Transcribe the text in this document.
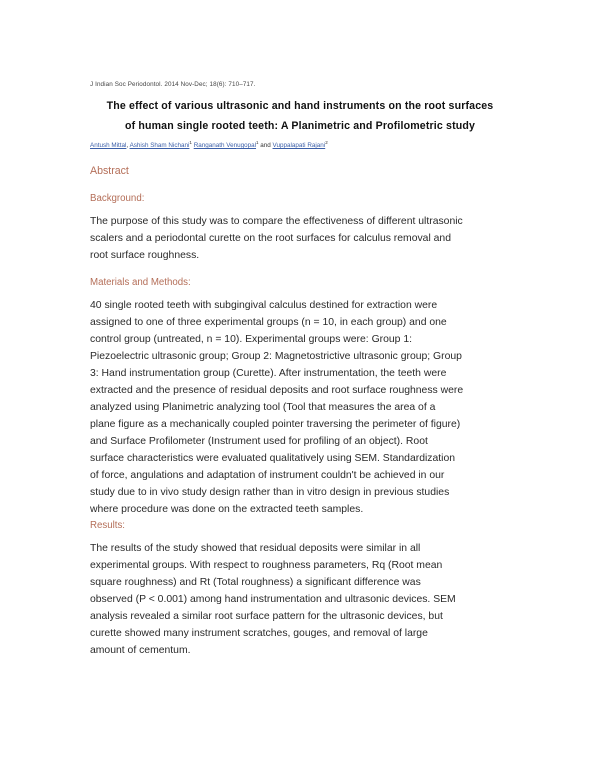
J Indian Soc Periodontol. 2014 Nov-Dec; 18(6): 710–717.
The effect of various ultrasonic and hand instruments on the root surfaces
of human single rooted teeth: A Planimetric and Profilometric study
Antush Mittal, Ashish Sham Nichani$^1$ Ranganath Venugopal$^1$ and Vuppalapati Rajani$^2$
Abstract
Background:
The purpose of this study was to compare the effectiveness of different ultrasonic
scalers and a periodontal curette on the root surfaces for calculus removal and
root surface roughness.
Materials and Methods:
40 single rooted teeth with subgingival calculus destined for extraction were
assigned to one of three experimental groups (n = 10, in each group) and one
control group (untreated, n = 10). Experimental groups were: Group 1:
Piezoelectric ultrasonic group; Group 2: Magnetostrictive ultrasonic group; Group
3: Hand instrumentation group (Curette). After instrumentation, the teeth were
extracted and the presence of residual deposits and root surface roughness were
analyzed using Planimetric analyzing tool (Tool that measures the area of a
plane figure as a mechanically coupled pointer traversing the perimeter of figure)
and Surface Profilometer (Instrument used for profiling of an object). Root
surface characteristics were evaluated qualitatively using SEM. Standardization
of force, angulations and adaptation of instrument couldn't be achieved in our
study due to in vivo study design rather than in vitro design in previous studies
where procedure was done on the extracted teeth samples.
Results:
The results of the study showed that residual deposits were similar in all
experimental groups. With respect to roughness parameters, Rq (Root mean
square roughness) and Rt (Total roughness) a significant difference was
observed (P < 0.001) among hand instrumentation and ultrasonic devices. SEM
analysis revealed a similar root surface pattern for the ultrasonic devices, but
curette showed many instrument scratches, gouges, and removal of large
amount of cementum.
